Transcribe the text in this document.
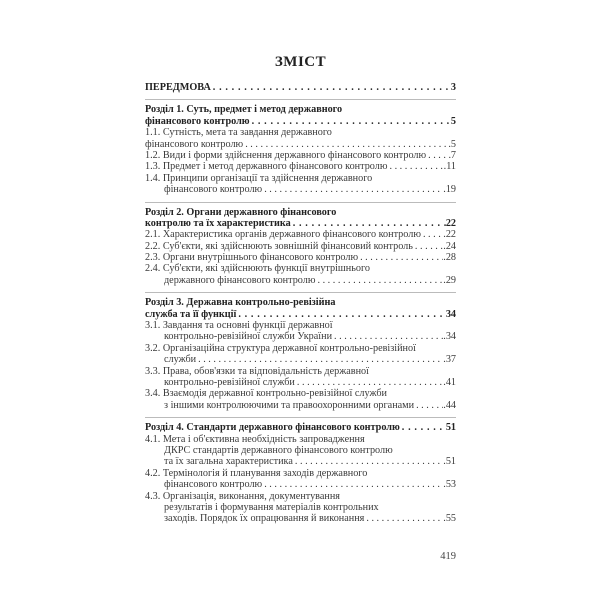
ЗМІСТ
ПЕРЕДМОВА . . .	3
Розділ 1. Суть, предмет і метод державного
фінансового контролю . . .	5
1.1. Сутність, мета та завдання державного
фінансового контролю . . .	.5
1.2. Види і форми здійснення державного фінансового контролю . . . 7
1.3. Предмет і метод державного фінансового контролю . . .	.11
1.4. Принципи організації та здійснення державного
фінансового контролю . . .	.19
Розділ 2. Органи державного фінансового
контролю та їх характеристика . . .	22
2.1. Характеристика органів державного фінансового контролю . . . .22
2.2. Суб'єкти, які здійснюють зовнішній фінансовий контроль . . .	.24
2.3. Органи внутрішнього фінансового контролю . . .	.28
2.4. Суб'єкти, які здійснюють функції внутрішнього
державного фінансового контролю . . .	.29
Розділ 3. Державна контрольно-ревізійна
служба та її функції . . .	34
3.1. Завдання та основні функції державної
контрольно-ревізійної служби України . . .	.34
3.2. Організаційна структура державної контрольно-ревізійної
служби . . .	.37
3.3. Права, обов'язки та відповідальність державної
контрольно-ревізійної служби . . .	.41
3.4. Взаємодія державної контрольно-ревізійної служби
з іншими контролюючими та правоохоронними органами . . .	.44
Розділ 4. Стандарти державного фінансового контролю . . .	51
4.1. Мета і об'єктивна необхідність запровадження
ДКРС стандартів державного фінансового контролю
та їх загальна характеристика . . .	.51
4.2. Термінологія й планування заходів державного
фінансового контролю . . .	.53
4.3. Організація, виконання, документування
результатів і формування матеріалів контрольних
заходів. Порядок їх опрацювання й виконання . . .	.55
419
